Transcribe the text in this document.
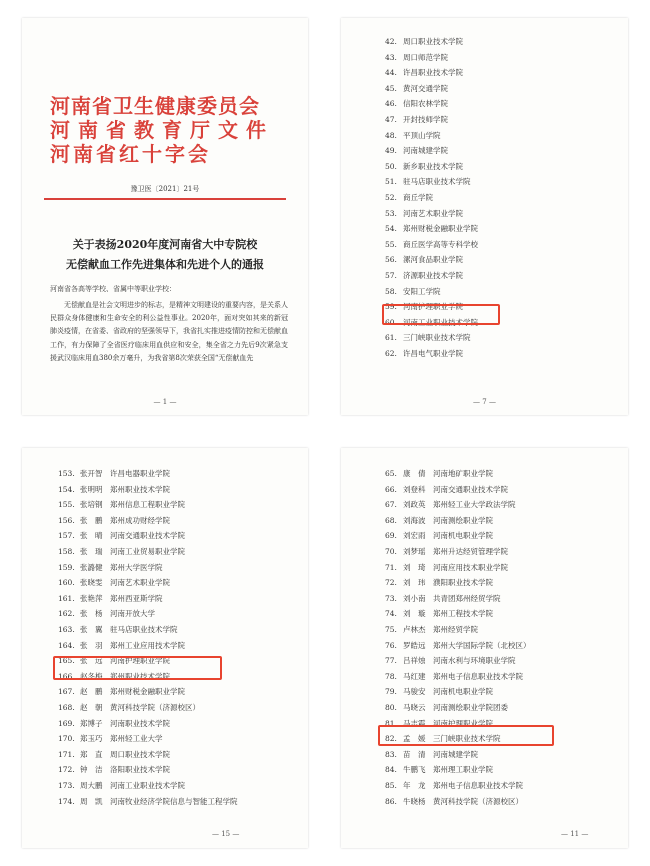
河南省卫生健康委员会
河南省教育厅文件
河南省红十字会
豫卫医〔2021〕21号
关于表扬2020年度河南省大中专院校
无偿献血工作先进集体和先进个人的通报
河南省各高等学校、省属中等职业学校：

无偿献血是社会文明进步的标志，是精神文明建设的重要内容，是关系人民群众身体健康和生命安全的利公益性事业。2020年，面对突如其来的新冠肺炎疫情，在省委、省政府的坚强领导下，我省扎实推进疫情防控和无偿献血工作，有力保障了全省医疗临床用血供应和安全，集全省之力先后9次紧急支援武汉临床用血380余万毫升，为我省第8次荣获全国“无偿献血先

— 1 —
42. 周口职业技术学院
43. 周口师范学院
44. 许昌职业技术学院
45. 黄河交通学院
46. 信阳农林学院
47. 开封技师学院
48. 平顶山学院
49. 河南城建学院
50. 新乡职业技术学院
51. 驻马店职业技术学院
52. 商丘学院
53. 河南艺术职业学院
54. 郑州财税金融职业学院
55. 商丘医学高等专科学校
56. 漯河食品职业学院
57. 济源职业技术学院
58. 安阳工学院
59. 河南护理职业学院
60. 河南工业职业技术学院
61. 三门峡职业技术学院
62. 许昌电气职业学院
— 7 —
153. 张开智 许昌电器职业学院
154. 张明明 郑州职业技术学院
155. 张培钢 郑州信息工程职业学院
156. 张　鹏 郑州成功财经学院
157. 张　晴 河南交通职业技术学院
158. 张　瑞 河南工业贸易职业学院
159. 张潞健 郑州大学医学院
160. 张晓雯 河南艺术职业学院
161. 张艳萍 郑州西亚斯学院
162. 张　杨 河南开放大学
163. 张　翼 驻马店职业技术学院
164. 张　羽 郑州工业应用技术学院
165. 张　远 河南护理职业学院
166. 赵冬梅 郑州职业技术学院
167. 赵　鹏 郑州财税金融职业学院
168. 赵　朝 黄河科技学院（济源校区）
169. 郑博子 河南职业技术学院
170. 郑玉巧 郑州轻工业大学
171. 郑　直 周口职业技术学院
172. 钟　洁 洛阳职业技术学院
173. 周大鹏 河南工业职业技术学院
174. 周　凯 河南牧业经济学院信息与智能工程学院
— 15 —
65. 康　倩 河南地矿职业学院
66. 刘登科 河南交通职业技术学院
67. 刘政英 郑州轻工业大学政法学院
68. 刘海波 河南测绘职业学院
69. 刘宏雨 河南机电职业学院
70. 刘梦瑶 郑州升达经贸管理学院
71. 刘　琦 河南应用技术职业学院
72. 刘　玮 濮阳职业技术学院
73. 刘小南 共青团郑州经贸学院
74. 刘　璇 郑州工程技术学院
75. 卢林杰 郑州经贸学院
76. 罗皓远 郑州大学国际学院（北校区）
77. 吕祥烛 河南水利与环境职业学院
78. 马红建 郑州电子信息职业技术学院
79. 马骏安 河南机电职业学院
80. 马晓云 河南测绘职业学院团委
81. 马志霞 河南护理职业学院
82. 孟　媛 三门峡职业技术学院
83. 苗　清 河南城建学院
84. 牛鹏飞 郑州理工职业学院
85. 年　龙 郑州电子信息职业技术学院
86. 牛晓杨 黄河科技学院（济源校区）
— 11 —
